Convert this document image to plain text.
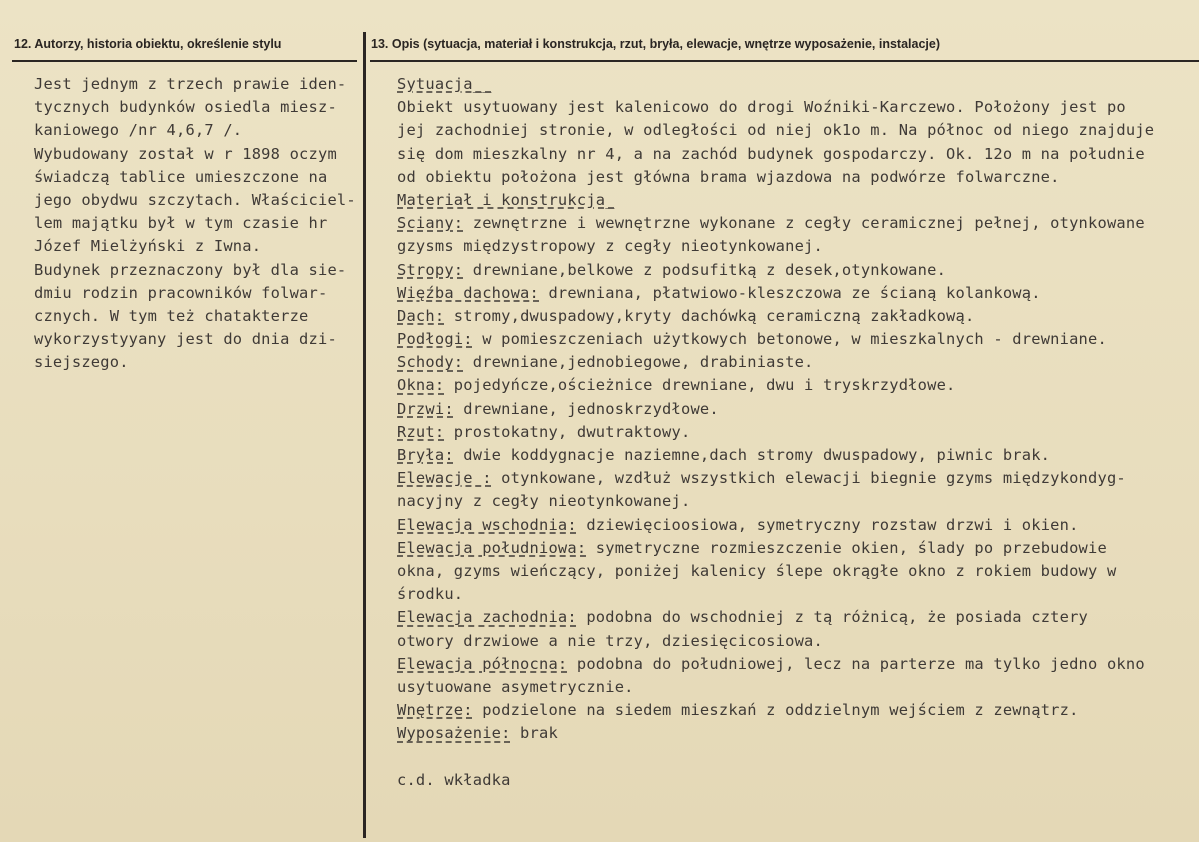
12. Autorzy, historia obiektu, określenie stylu	13. Opis (sytuacja, materiał i konstrukcja, rzut, bryła, elewacje, wnętrze wyposażenie, instalacje)
Jest jednym z trzech prawie iden-
tycznych budynków osiedla miesz-
kaniowego /nr 4,6,7 /.
Wybudowany został w r 1898 oczym
świadczą tablice umieszczone na
jego obydwu szczytach. Właściciel-
lem majątku był w tym czasie hr
Józef Mielżyński z Iwna.
Budynek przeznaczony był dla sie-
dmiu rodzin pracowników folwar-
cznych. W tym też chatakterze
wykorzystyyany jest do dnia dzi-
siejszego.
Sytuacja__
Obiekt usytuowany jest kalenicowo do drogi Woźniki-Karczewo. Położony jest po
jej zachodniej stronie, w odległości od niej ok1o m. Na północ od niego znajduje
się dom mieszkalny nr 4, a na zachód budynek gospodarczy. Ok. 12o m na południe
od obiektu położona jest główna brama wjazdowa na podwórze folwarczne.
Materiał i konstrukcja_
Sciany: zewnętrzne i wewnętrzne wykonane z cegły ceramicznej pełnej, otynkowane
gzysms międzystropowy z cegły nieotynkowanej.
Stropy: drewniane,belkowe z podsufitką z desek,otynkowane.
Więźba dachowa: drewniana, płatwiowo-kleszczowa ze ścianą kolankową.
Dach: stromy,dwuspadowy,kryty dachówką ceramiczną zakładkową.
Podłogi: w pomieszczeniach użytkowych betonowe, w mieszkalnych - drewniane.
Schody: drewniane,jednobiegowe, drabiniaste.
Okna: pojedyńcze,ościeżnice drewniane, dwu i tryskrzydłowe.
Drzwi: drewniane, jednoskrzydłowe.
Rzut: prostokatny, dwutraktowy.
Bryła: dwie koddygnacje naziemne,dach stromy dwuspadowy, piwnic brak.
Elewacje : otynkowane, wzdłuż wszystkich elewacji biegnie gzyms międzykondyg-
nacyjny z cegły nieotynkowanej.
Elewacja wschodnia: dziewięcioosiowa, symetryczny rozstaw drzwi i okien.
Elewacja południowa: symetryczne rozmieszczenie okien, ślady po przebudowie
okna, gzyms wieńczący, poniżej kalenicy ślepe okrągłe okno z rokiem budowy w
środku.
Elewacja zachodnia: podobna do wschodniej z tą różnicą, że posiada cztery
otwory drzwiowe a nie trzy, dziesięcicosiowa.
Elewacja północna: podobna do południowej, lecz na parterze ma tylko jedno okno
usytuowane asymetrycznie.
Wnętrze: podzielone na siedem mieszkań z oddzielnym wejściem z zewnątrz.
Wyposażenie: brak
c.d. wkładka
